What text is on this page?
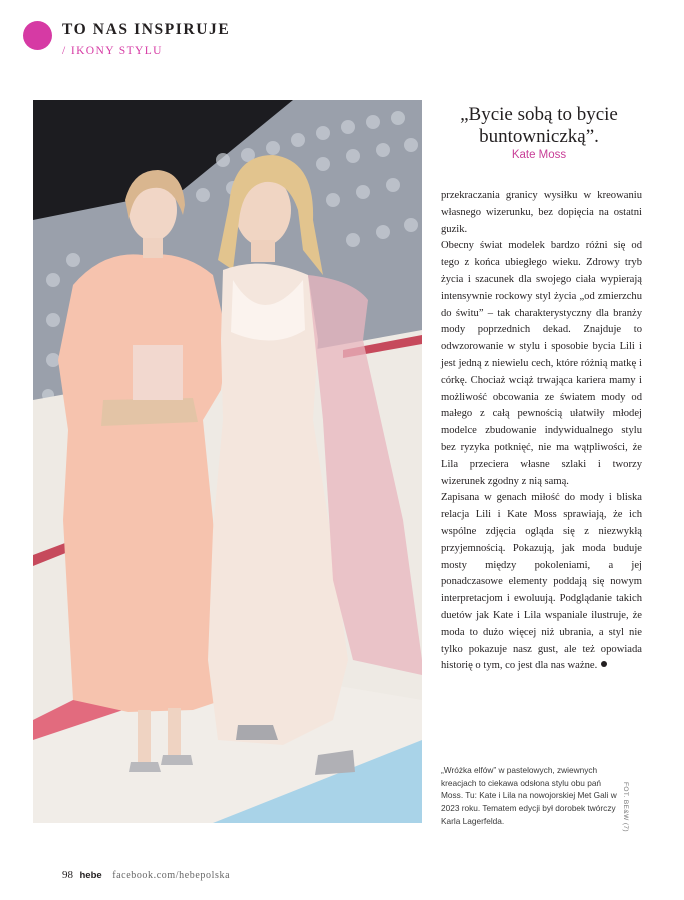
TO NAS INSPIRUJE
/ IKONY STYLU
„Bycie sobą to bycie buntowniczką”.
Kate Moss

przekraczania granicy wysiłku w kreowaniu własnego wizerunku, bez dopięcia na ostatni guzik.

Obecny świat modelek bardzo różni się od tego z końca ubiegłego wieku. Zdrowy tryb życia i szacunek dla swojego ciała wypierają intensywnie rockowy styl życia „od zmierzchu do świtu” – tak charakterystyczny dla branży mody poprzednich dekad. Znajduje to odwzorowanie w stylu i sposobie bycia Lili i jest jedną z niewielu cech, które różnią matkę i córkę. Chociaż wciąż trwająca kariera mamy i możliwość obcowania ze światem mody od małego z całą pewnością ułatwiły młodej modelce zbudowanie indywidualnego stylu bez ryzyka potknięć, nie ma wątpliwości, że Lila przeciera własne szlaki i tworzy wizerunek zgodny z nią samą.

Zapisana w genach miłość do mody i bliska relacja Lili i Kate Moss sprawiają, że ich wspólne zdjęcia ogląda się z niezwykłą przyjemnością. Pokazują, jak moda buduje mosty między pokoleniami, a jej ponadczasowe elementy poddają się nowym interpretacjom i ewoluują. Podglądanie takich duetów jak Kate i Lila wspaniale ilustruje, że moda to dużo więcej niż ubrania, a styl nie tylko pokazuje nasz gust, ale też opowiada historię o tym, co jest dla nas ważne.

„Wróżka elfów” w pastelowych, zwiewnych kreacjach to ciekawa odsłona stylu obu pań Moss. Tu: Kate i Lila na nowojorskiej Met Gali w 2023 roku. Tematem edycji był dorobek twórczy Karla Lagerfelda.	FOT. BE&W (7)
98 hebe facebook.com/hebepolska
